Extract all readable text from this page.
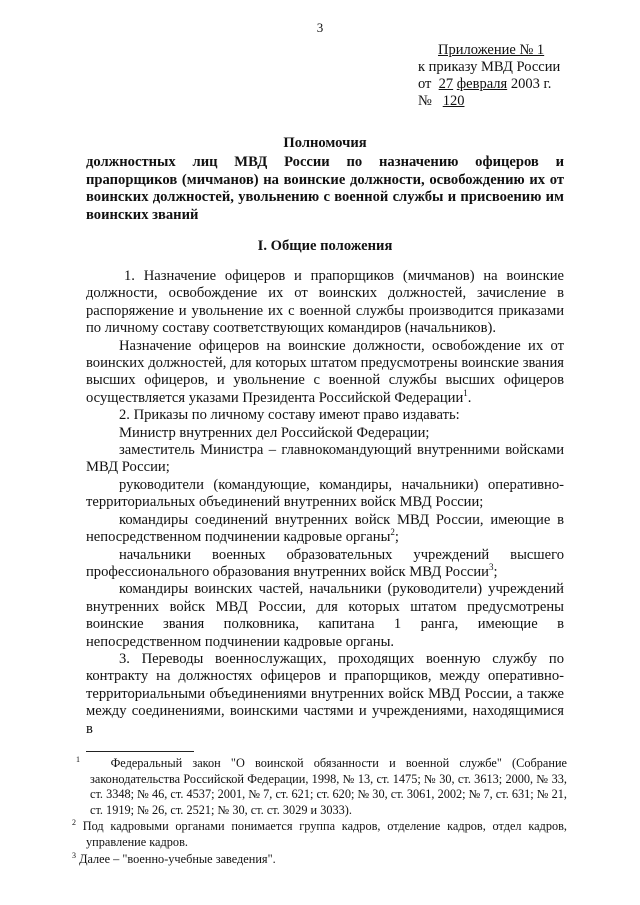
3
Приложение № 1
к приказу МВД России
от 27 февраля 2003 г.
№ 120
Полномочия
должностных лиц МВД России по назначению офицеров и прапорщиков (мичманов) на воинские должности, освобождению их от воинских должностей, увольнению с военной службы и присвоению им воинских званий
I. Общие положения

1. Назначение офицеров и прапорщиков (мичманов) на воинские должности, освобождение их от воинских должностей, зачисление в распоряжение и увольнение их с военной службы производится приказами по личному составу соответствующих командиров (начальников).

Назначение офицеров на воинские должности, освобождение их от воинских должностей, для которых штатом предусмотрены воинские звания высших офицеров, и увольнение с военной службы высших офицеров осуществляется указами Президента Российской Федерации$^1$.

2. Приказы по личному составу имеют право издавать:

Министр внутренних дел Российской Федерации;

заместитель Министра – главнокомандующий внутренними войсками МВД России;

руководители (командующие, командиры, начальники) оперативно-территориальных объединений внутренних войск МВД России;

командиры соединений внутренних войск МВД России, имеющие в непосредственном подчинении кадровые органы$^2$;

начальники военных образовательных учреждений высшего профессионального образования внутренних войск МВД России$^3$;

командиры воинских частей, начальники (руководители) учреждений внутренних войск МВД России, для которых штатом предусмотрены воинские звания полковника, капитана 1 ранга, имеющие в непосредственном подчинении кадровые органы.

3. Переводы военнослужащих, проходящих военную службу по контракту на должностях офицеров и прапорщиков, между оперативно-территориальными объединениями внутренних войск МВД России, а также между соединениями, воинскими частями и учреждениями, находящимися в

$^1$ Федеральный закон "О воинской обязанности и военной службе" (Собрание законодательства Российской Федерации, 1998, № 13, ст. 1475; № 30, ст. 3613; 2000, № 33, ст. 3348; № 46, ст. 4537; 2001, № 7, ст. 621; ст. 620; № 30, ст. 3061, 2002; № 7, ст. 631; № 21, ст. 1919; № 26, ст. 2521; № 30, ст. ст. 3029 и 3033).

$^2$ Под кадровыми органами понимается группа кадров, отделение кадров, отдел кадров, управление кадров.

$^3$ Далее – "военно-учебные заведения".
